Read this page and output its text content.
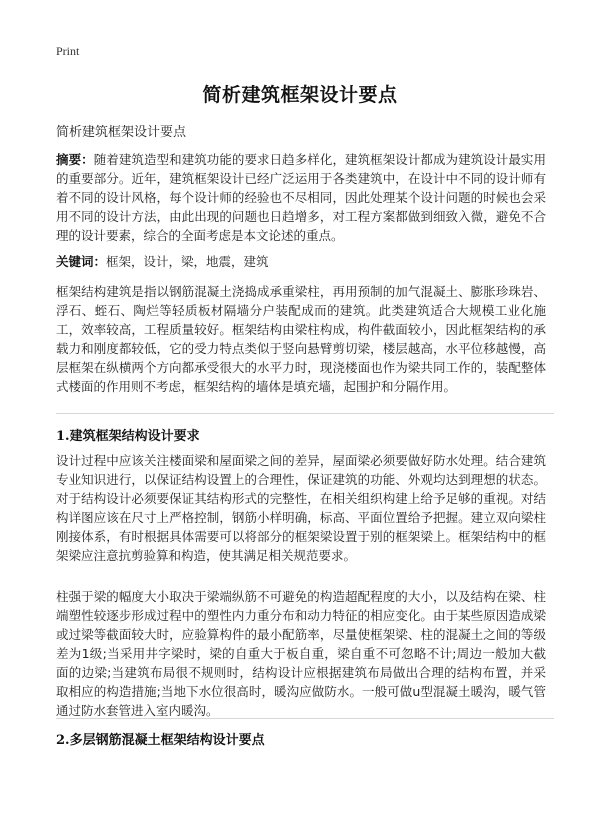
Print
简析建筑框架设计要点
简析建筑框架设计要点
摘要：随着建筑造型和建筑功能的要求日趋多样化，建筑框架设计都成为建筑设计最实用的重要部分。近年，建筑框架设计已经广泛运用于各类建筑中，在设计中不同的设计师有着不同的设计风格，每个设计师的经验也不尽相同，因此处理某个设计问题的时候也会采用不同的设计方法，由此出现的问题也日趋增多，对工程方案都做到细致入微，避免不合理的设计要素，综合的全面考虑是本文论述的重点。
关键词：框架，设计，梁，地震，建筑
框架结构建筑是指以钢筋混凝土浇捣成承重梁柱，再用预制的加气混凝土、膨胀珍珠岩、浮石、蛭石、陶烂等轻质板材隔墙分户装配成而的建筑。此类建筑适合大规模工业化施工，效率较高，工程质量较好。框架结构由梁柱构成，构件截面较小，因此框架结构的承载力和刚度都较低，它的受力特点类似于竖向悬臂剪切梁，楼层越高，水平位移越慢，高层框架在纵横两个方向都承受很大的水平力时，现浇楼面也作为梁共同工作的，装配整体式楼面的作用则不考虑，框架结构的墙体是填充墙，起围护和分隔作用。
1.建筑框架结构设计要求
设计过程中应该关注楼面梁和屋面梁之间的差异，屋面梁必须要做好防水处理。结合建筑专业知识进行，以保证结构设置上的合理性，保证建筑的功能、外观均达到理想的状态。对于结构设计必须要保证其结构形式的完整性，在相关组织构建上给予足够的重视。对结构详图应该在尺寸上严格控制，钢筋小样明确，标高、平面位置给予把握。建立双向梁柱刚接体系，有时根据具体需要可以将部分的框架梁设置于别的框架梁上。框架结构中的框架梁应注意抗剪验算和构造，使其满足相关规范要求。
柱强于梁的幅度大小取决于梁端纵筋不可避免的构造超配程度的大小，以及结构在梁、柱端塑性较逐步形成过程中的塑性内力重分布和动力特征的相应变化。由于某些原因造成梁或过梁等截面较大时，应验算构件的最小配筋率，尽量使框架梁、柱的混凝土之间的等级差为1级;当采用井字梁时，梁的自重大于板自重，梁自重不可忽略不计;周边一般加大截面的边梁;当建筑布局很不规则时，结构设计应根据建筑布局做出合理的结构布置，并采取相应的构造措施;当地下水位很高时，暖沟应做防水。一般可做u型混凝土暖沟，暖气管通过防水套管进入室内暖沟。
2.多层钢筋混凝土框架结构设计要点
